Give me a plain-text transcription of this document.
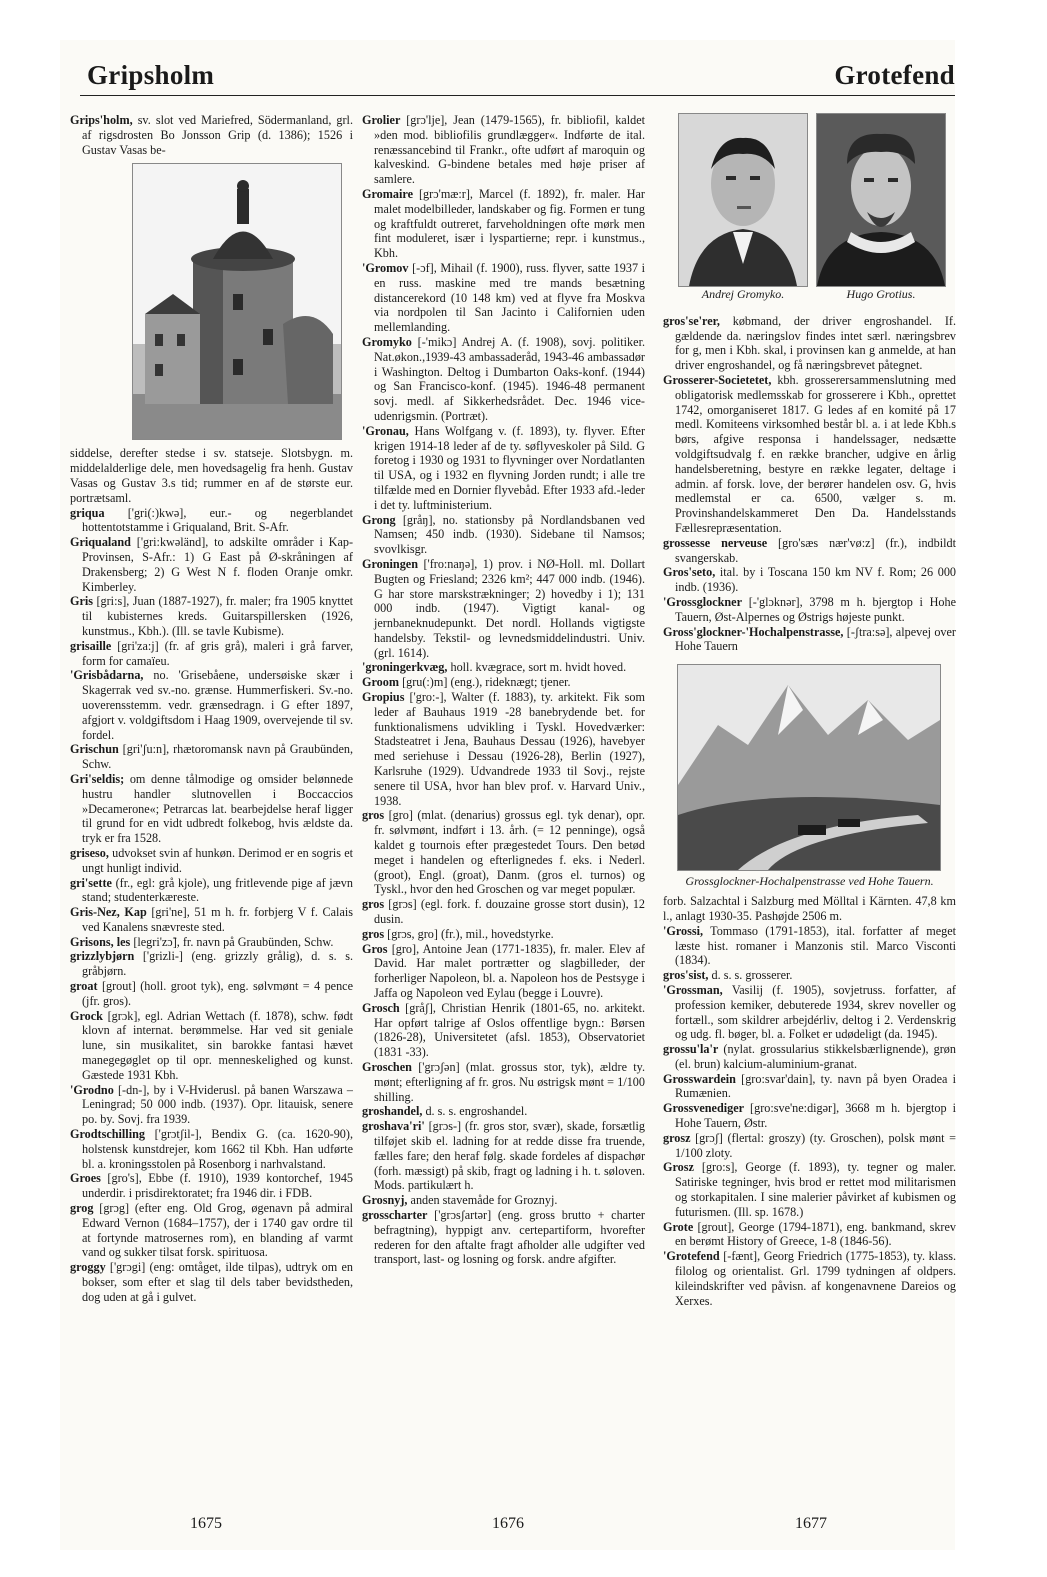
Gripsholm	Grotefend

Grips'holm, sv. slot ved Mariefred, Södermanland, grl. af rigsdrosten Bo Jonsson Grip (d. 1386); 1526 i Gustav Vasas be-

siddelse, derefter stedse i sv. statseje. Slotsbygn. m. middelalderlige dele, men hovedsagelig fra henh. Gustav Vasas og Gustav 3.s tid; rummer en af de største eur. portrætsaml.

griqua ['gri(:)kwə], eur.- og negerblandet hottentotstamme i Griqualand, Brit. S-Afr.

Griqualand ['gri:kwəländ], to adskilte områder i Kap-Provinsen, S-Afr.: 1) G East på Ø-skråningen af Drakensberg; 2) G West N f. floden Oranje omkr. Kimberley.

Gris [gri:s], Juan (1887-1927), fr. maler; fra 1905 knyttet til kubisternes kreds. Guitarspillersken (1926, kunstmus., Kbh.). (Ill. se tavle Kubisme).

grisaille [gri'za:j] (fr. af gris grå), maleri i grå farver, form for camaïeu.

'Grisbådarna, no. 'Grisebåene, undersøiske skær i Skagerrak ved sv.-no. grænse. Hummerfiskeri. Sv.-no. uoverensstemm. vedr. grænsedragn. i G efter 1897, afgjort v. voldgiftsdom i Haag 1909, overvejende til sv. fordel.

Grischun [gri'ʃu:n], rhætoromansk navn på Graubünden, Schw.

Gri'seldis; om denne tålmodige og omsider belønnede hustru handler slutnovellen i Boccaccios »Decamerone«; Petrarcas lat. bearbejdelse heraf ligger til grund for en vidt udbredt folkebog, hvis ældste da. tryk er fra 1528.

griseso, udvokset svin af hunkøn. Derimod er en sogris et ungt hunligt individ.

gri'sette (fr., egl: grå kjole), ung fritlevende pige af jævn stand; studenterkæreste.

Gris-Nez, Kap [gri'ne], 51 m h. fr. forbjerg V f. Calais ved Kanalens snævreste sted.

Grisons, les [legri'zɔ̃], fr. navn på Graubünden, Schw.

grizzlybjørn ['grizli-] (eng. grizzly grålig), d. s. s. gråbjørn.

groat [grout] (holl. groot tyk), eng. sølvmønt = 4 pence (jfr. gros).

Grock [grɔk], egl. Adrian Wettach (f. 1878), schw. født klovn af internat. berømmelse. Har ved sit geniale lune, sin musikalitet, sin barokke fantasi hævet manegegøglet op til opr. menneskelighed og kunst. Gæstede 1931 Kbh.

'Grodno [-dn-], by i V-Hviderusl. på banen Warszawa – Leningrad; 50 000 indb. (1937). Opr. litauisk, senere po. by. Sovj. fra 1939.

Grodtschilling ['grɔtʃil-], Bendix G. (ca. 1620-90), holstensk kunstdrejer, kom 1662 til Kbh. Han udførte bl. a. kroningsstolen på Rosenborg i narhvalstand.

Groes [gro's], Ebbe (f. 1910), 1939 kontorchef, 1945 underdir. i prisdirektoratet; fra 1946 dir. i FDB.

grog [grɔg] (efter eng. Old Grog, øgenavn på admiral Edward Vernon (1684–1757), der i 1740 gav ordre til at fortynde matrosernes rom), en blanding af varmt vand og sukker tilsat forsk. spirituosa.

groggy ['grɔgi] (eng: omtåget, ilde tilpas), udtryk om en bokser, som efter et slag til dels taber bevidstheden, dog uden at gå i gulvet.

Grolier [grɔ'lje], Jean (1479-1565), fr. bibliofil, kaldet »den mod. bibliofilis grundlægger«. Indførte de ital. renæssancebind til Frankr., ofte udført af maroquin og kalveskind. G-bindene betales med høje priser af samlere.

Gromaire [grɔ'mæ:r], Marcel (f. 1892), fr. maler. Har malet modelbilleder, landskaber og fig. Formen er tung og kraftfuldt outreret, farveholdningen ofte mørk men fint moduleret, især i lyspartierne; repr. i kunstmus., Kbh.

'Gromov [-ɔf], Mihail (f. 1900), russ. flyver, satte 1937 i en russ. maskine med tre mands besætning distancerekord (10 148 km) ved at flyve fra Moskva via nordpolen til San Jacinto i Californien uden mellemlanding.

Gromyko [-'mikɔ] Andrej A. (f. 1908), sovj. politiker. Nat.økon.,1939-43 ambassaderåd, 1943-46 ambassadør i Washington. Deltog i Dumbarton Oaks-konf. (1944) og San Francisco-konf. (1945). 1946-48 permanent sovj. medl. af Sikkerhedsrådet. Dec. 1946 vice-udenrigsmin. (Portræt).

'Gronau, Hans Wolfgang v. (f. 1893), ty. flyver. Efter krigen 1914-18 leder af de ty. søflyveskoler på Sild. G foretog i 1930 og 1931 to flyvninger over Nordatlanten til USA, og i 1932 en flyvning Jorden rundt; i alle tre tilfælde med en Dornier flyvebåd. Efter 1933 afd.-leder i det ty. luftministerium.

Grong [gråŋ], no. stationsby på Nordlandsbanen ved Namsen; 450 indb. (1930). Sidebane til Namsos; svovlkisgr.

Groningen ['fro:naŋə], 1) prov. i NØ-Holl. ml. Dollart Bugten og Friesland; 2326 km²; 447 000 indb. (1946). G har store marskstrækninger; 2) hovedby i 1); 131 000 indb. (1947). Vigtigt kanal- og jernbaneknudepunkt. Det nordl. Hollands vigtigste handelsby. Tekstil- og levnedsmiddelindustri. Univ. (grl. 1614).

'groningerkvæg, holl. kvægrace, sort m. hvidt hoved.

Groom [gru(:)m] (eng.), rideknægt; tjener.

Gropius ['gro:-], Walter (f. 1883), ty. arkitekt. Fik som leder af Bauhaus 1919 -28 banebrydende bet. for funktionalismens udvikling i Tyskl. Hovedværker: Stadsteatret i Jena, Bauhaus Dessau (1926), havebyer med seriehuse i Dessau (1926-28), Berlin (1927), Karlsruhe (1929). Udvandrede 1933 til Sovj., rejste senere til USA, hvor han blev prof. v. Harvard Univ., 1938.

gros [gro] (mlat. (denarius) grossus egl. tyk denar), opr. fr. sølvmønt, indført i 13. årh. (= 12 penninge), også kaldet g tournois efter prægestedet Tours. Den betød meget i handelen og efterlignedes f. eks. i Nederl. (groot), Engl. (groat), Danm. (gros el. turnos) og Tyskl., hvor den hed Groschen og var meget populær.

gros [grɔs] (egl. fork. f. douzaine grosse stort dusin), 12 dusin.

gros [grɔs, gro] (fr.), mil., hovedstyrke.

Gros [gro], Antoine Jean (1771-1835), fr. maler. Elev af David. Har malet portrætter og slagbilleder, der forherliger Napoleon, bl. a. Napoleon hos de Pestsyge i Jaffa og Napoleon ved Eylau (begge i Louvre).

Grosch [gråʃ], Christian Henrik (1801-65, no. arkitekt. Har opført talrige af Oslos offentlige bygn.: Børsen (1826-28), Universitetet (afsl. 1853), Observatoriet (1831 -33).

Groschen ['grɔʃən] (mlat. grossus stor, tyk), ældre ty. mønt; efterligning af fr. gros. Nu østrigsk mønt = 1/100 shilling.

groshandel, d. s. s. engroshandel.

groshava'ri' [grɔs-] (fr. gros stor, svær), skade, forsætlig tilføjet skib el. ladning for at redde disse fra truende, fælles fare; den heraf følg. skade fordeles af dispachør (forh. mæssigt) på skib, fragt og ladning i h. t. søloven. Mods. partikulært h.

Grosnyj, anden stavemåde for Groznyj.

grosscharter ['grɔsʃartər] (eng. gross brutto + charter befragtning), hyppigt anv. certepartiform, hvorefter rederen for den aftalte fragt afholder alle udgifter ved transport, last- og losning og forsk. andre afgifter.

Andrej Gromyko.	Hugo Grotius.

gros'se'rer, købmand, der driver engroshandel. If. gældende da. næringslov findes intet særl. næringsbrev for g, men i Kbh. skal, i provinsen kan g anmelde, at han driver engroshandel, og få næringsbrevet påtegnet.

Grosserer-Societetet, kbh. grosserersammenslutning med obligatorisk medlemsskab for grosserere i Kbh., oprettet 1742, omorganiseret 1817. G ledes af en komité på 17 medl. Komiteens virksomhed består bl. a. i at lede Kbh.s børs, afgive responsa i handelssager, nedsætte voldgiftsudvalg f. en række brancher, udgive en årlig handelsberetning, bestyre en række legater, deltage i admin. af forsk. love, der berører handelen osv. G, hvis medlemstal er ca. 6500, vælger s. m. Provinshandelskammeret Den Da. Handelsstands Fællesrepræsentation.

grossesse nerveuse [gro'sæs nær'vø:z] (fr.), indbildt svangerskab.

Gros'seto, ital. by i Toscana 150 km NV f. Rom; 26 000 indb. (1936).

'Grossglockner [-'glɔknər], 3798 m h. bjergtop i Hohe Tauern, Øst-Alpernes og Østrigs højeste punkt.

Gross'glockner-'Hochalpenstrasse, [-ʃtra:sə], alpevej over Hohe Tauern

Grossglockner-Hochalpenstrasse ved Hohe Tauern.

forb. Salzachtal i Salzburg med Mölltal i Kärnten. 47,8 km l., anlagt 1930-35. Pashøjde 2506 m.

'Grossi, Tommaso (1791-1853), ital. forfatter af meget læste hist. romaner i Manzonis stil. Marco Visconti (1834).

gros'sist, d. s. s. grosserer.

'Grossman, Vasilij (f. 1905), sovjetruss. forfatter, af profession kemiker, debuterede 1934, skrev noveller og fortæll., som skildrer arbejdérliv, deltog i 2. Verdenskrig og udg. fl. bøger, bl. a. Folket er udødeligt (da. 1945).

grossu'la'r (nylat. grossularius stikkelsbærlignende), grøn (el. brun) kalcium-aluminium-granat.

Grosswardein [gro:svar'dain], ty. navn på byen Oradea i Rumænien.

Grossvenediger [gro:sve'ne:digər], 3668 m h. bjergtop i Hohe Tauern, Østr.

grosz [grɔʃ] (flertal: groszy) (ty. Groschen), polsk mønt = 1/100 zloty.

Grosz [gro:s], George (f. 1893), ty. tegner og maler. Satiriske tegninger, hvis brod er rettet mod militarismen og storkapitalen. I sine malerier påvirket af kubismen og futurismen. (Ill. sp. 1678.)

Grote [grout], George (1794-1871), eng. bankmand, skrev en berømt History of Greece, 1-8 (1846-56).

'Grotefend [-fænt], Georg Friedrich (1775-1853), ty. klass. filolog og orientalist. Grl. 1799 tydningen af oldpers. kileindskrifter ved påvisn. af kongenavnene Dareios og Xerxes.

1675	1676	1677
